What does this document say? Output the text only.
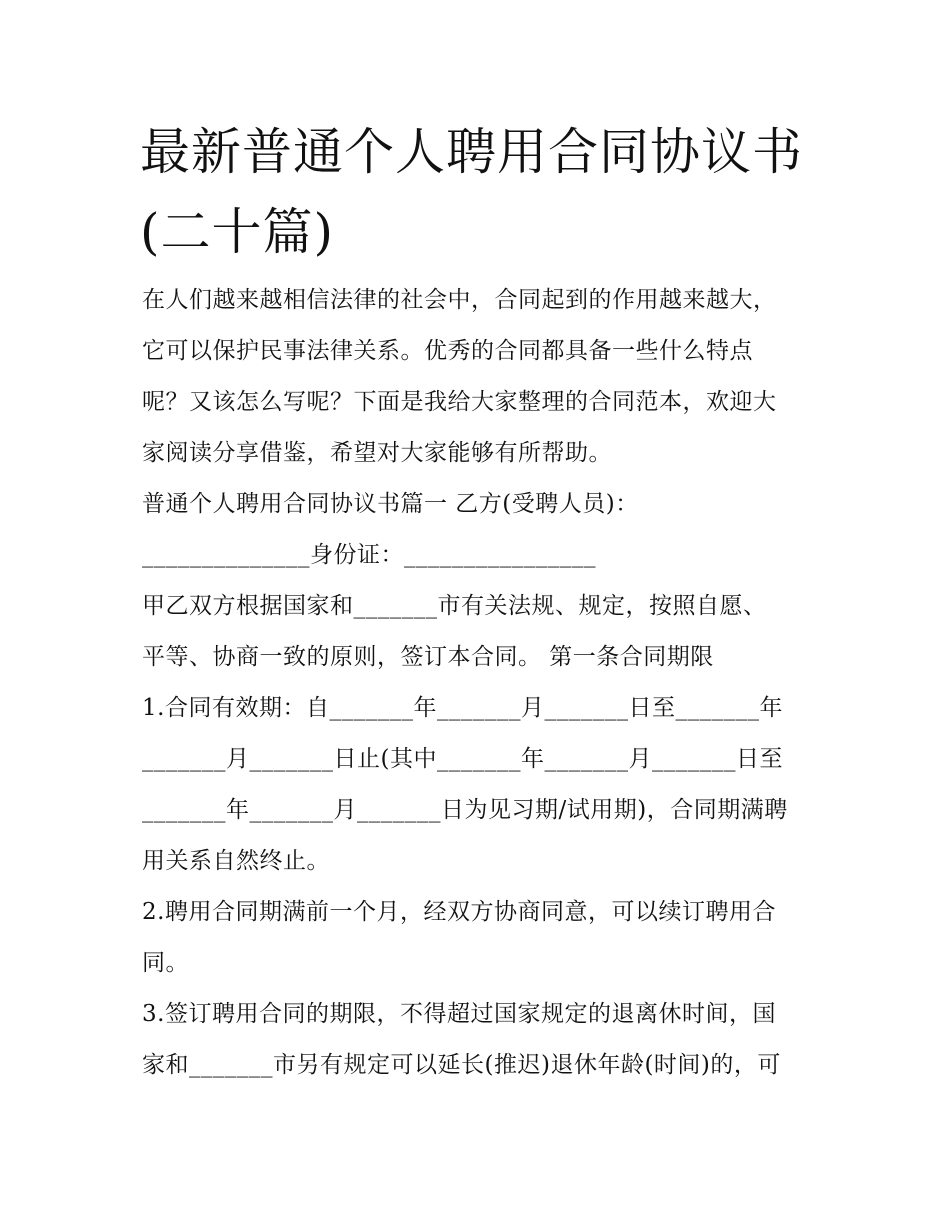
最新普通个人聘用合同协议书
(二十篇)
在人们越来越相信法律的社会中，合同起到的作用越来越大，
它可以保护民事法律关系。优秀的合同都具备一些什么特点
呢？又该怎么写呢？下面是我给大家整理的合同范本，欢迎大
家阅读分享借鉴，希望对大家能够有所帮助。
普通个人聘用合同协议书篇一 乙方(受聘人员)：
______________身份证：________________
甲乙双方根据国家和_______市有关法规、规定，按照自愿、
平等、协商一致的原则，签订本合同。 第一条合同期限
1.合同有效期：自_______年_______月_______日至_______年
_______月_______日止(其中_______年_______月_______日至
_______年_______月_______日为见习期/试用期)，合同期满聘
用关系自然终止。
2.聘用合同期满前一个月，经双方协商同意，可以续订聘用合
同。
3.签订聘用合同的期限，不得超过国家规定的退离休时间，国
家和_______市另有规定可以延长(推迟)退休年龄(时间)的，可
